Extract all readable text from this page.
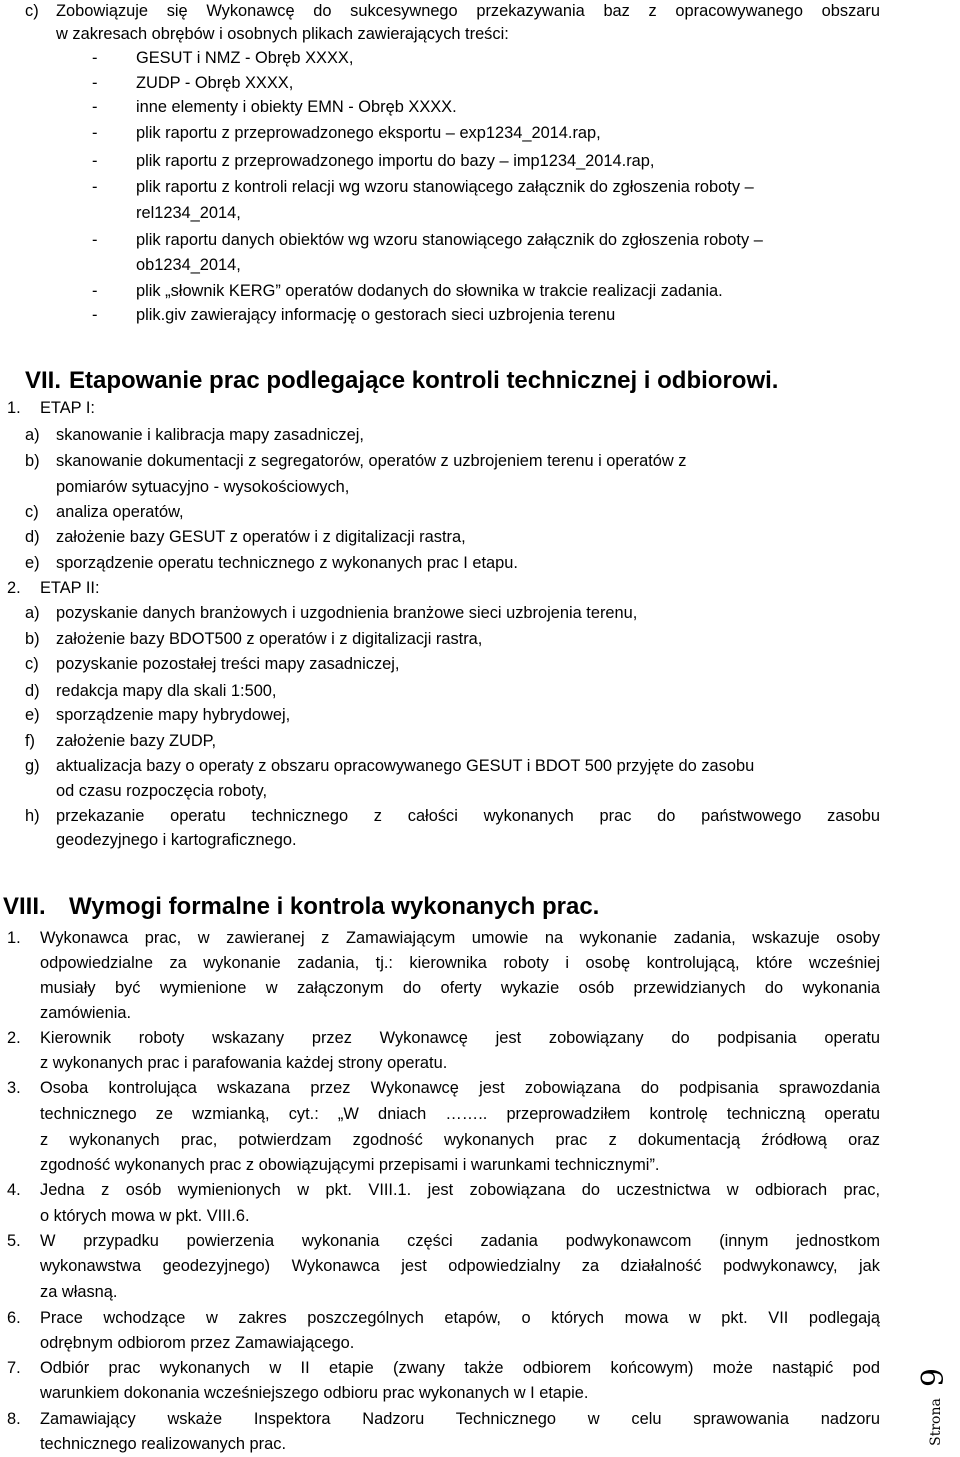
c) Zobowiązuje się Wykonawcę do sukcesywnego przekazywania baz z opracowywanego obszaru
w zakresach obrębów i osobnych plikach zawierających treści:
- GESUT i NMZ - Obręb XXXX,
- ZUDP - Obręb XXXX,
- inne elementy i obiekty EMN - Obręb XXXX.
- plik raportu z przeprowadzonego eksportu – exp1234_2014.rap,
- plik raportu z przeprowadzonego importu do bazy – imp1234_2014.rap,
- plik raportu z kontroli relacji wg wzoru stanowiącego załącznik do zgłoszenia roboty –
rel1234_2014,
- plik raportu danych obiektów wg wzoru stanowiącego załącznik do zgłoszenia roboty –
ob1234_2014,
- plik „słownik KERG” operatów dodanych do słownika w trakcie realizacji zadania.
- plik.giv zawierający informację o gestorach sieci uzbrojenia terenu
VII. Etapowanie prac podlegające kontroli technicznej i odbiorowi.
1. ETAP I:
a) skanowanie i kalibracja mapy zasadniczej,
b) skanowanie dokumentacji z segregatorów, operatów z uzbrojeniem terenu i operatów z
pomiarów sytuacyjno - wysokościowych,
c) analiza operatów,
d) założenie bazy GESUT z operatów i z digitalizacji rastra,
e) sporządzenie operatu technicznego z wykonanych prac I etapu.
2. ETAP II:
a) pozyskanie danych branżowych i uzgodnienia branżowe sieci uzbrojenia terenu,
b) założenie bazy BDOT500 z operatów i z digitalizacji rastra,
c) pozyskanie pozostałej treści mapy zasadniczej,
d) redakcja mapy dla skali 1:500,
e) sporządzenie mapy hybrydowej,
f) założenie bazy ZUDP,
g) aktualizacja bazy o operaty z obszaru opracowywanego GESUT i BDOT 500 przyjęte do zasobu
od czasu rozpoczęcia roboty,
h) przekazanie operatu technicznego z całości wykonanych prac do państwowego zasobu
geodezyjnego i kartograficznego.
VIII. Wymogi formalne i kontrola wykonanych prac.
1. Wykonawca prac, w zawieranej z Zamawiającym umowie na wykonanie zadania, wskazuje osoby
odpowiedzialne za wykonanie zadania, tj.: kierownika roboty i osobę kontrolującą, które wcześniej
musiały być wymienione w załączonym do oferty wykazie osób przewidzianych do wykonania
zamówienia.
2. Kierownik roboty wskazany przez Wykonawcę jest zobowiązany do podpisania operatu
z wykonanych prac i parafowania każdej strony operatu.
3. Osoba kontrolująca wskazana przez Wykonawcę jest zobowiązana do podpisania sprawozdania
technicznego ze wzmianką, cyt.: „W dniach …….. przeprowadziłem kontrolę techniczną operatu
z wykonanych prac, potwierdzam zgodność wykonanych prac z dokumentacją źródłową oraz
zgodność wykonanych prac z obowiązującymi przepisami i warunkami technicznymi”.
4. Jedna z osób wymienionych w pkt. VIII.1. jest zobowiązana do uczestnictwa w odbiorach prac,
o których mowa w pkt. VIII.6.
5. W przypadku powierzenia wykonania części zadania podwykonawcom (innym jednostkom
wykonawstwa geodezyjnego) Wykonawca jest odpowiedzialny za działalność podwykonawcy, jak
za własną.
6. Prace wchodzące w zakres poszczególnych etapów, o których mowa w pkt. VII podlegają
odrębnym odbiorom przez Zamawiającego.
7. Odbiór prac wykonanych w II etapie (zwany także odbiorem końcowym) może nastąpić pod
warunkiem dokonania wcześniejszego odbioru prac wykonanych w I etapie.
8. Zamawiający wskaże Inspektora Nadzoru Technicznego w celu sprawowania nadzoru
technicznego realizowanych prac.
9
Strona
